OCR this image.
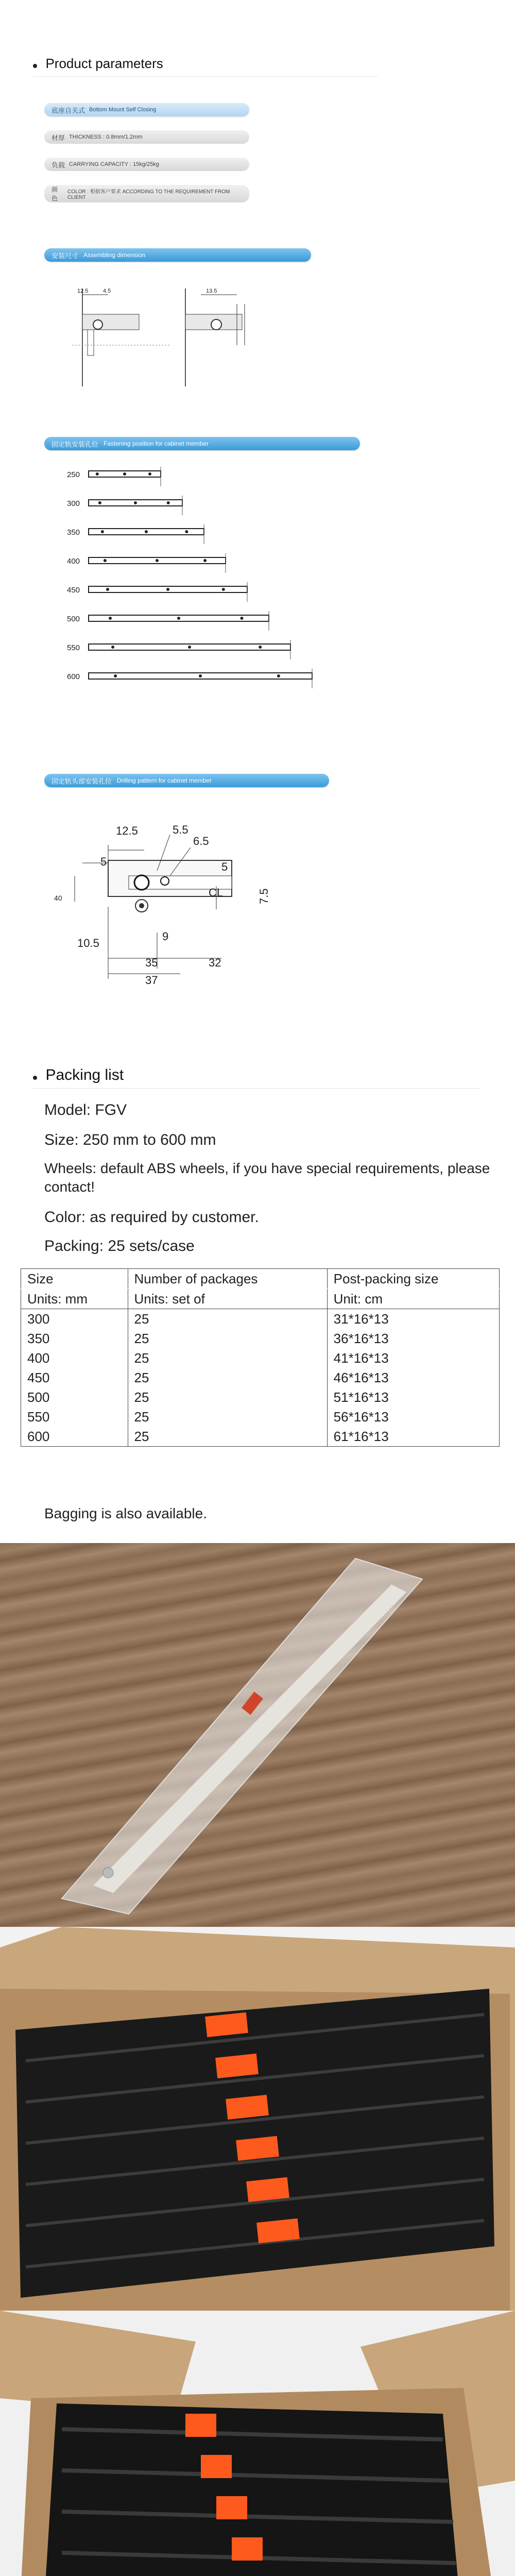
Product parameters
底座自关式 Bottom Mount Self Closing
材厚 THICKNESS : 0.8mm/1.2mm
负载 CARRYING CAPACITY : 15kg/25kg
颜色
COLOR : 根据客户要求 ACCORDING TO THE REQUIREMENT FROM CLIENT
安装尺寸 Assembling dimension
12.5	4.5	13.5
固定轨安装孔位 Fastening position for cabinet member
250
300
350
400
450
500
550
600
固定轨头部安装孔位 Drilling pattern for cabinet member
12.5	5.5
6.5
5	5
CL	7.5
40
10.5
9
35	32
37
Packing list
Model: FGV
Size: 250 mm to 600 mm
Wheels: default ABS wheels, if you have special requirements, please contact!
Color: as required by customer.
Packing: 25 sets/case
Size	Number of packages	Post-packing size
Units: mm	Units: set of	Unit: cm
300	25	31*16*13
350	25	36*16*13
400	25	41*16*13
450	25	46*16*13
500	25	51*16*13
550	25	56*16*13
600	25	61*16*13
Bagging is also available.
